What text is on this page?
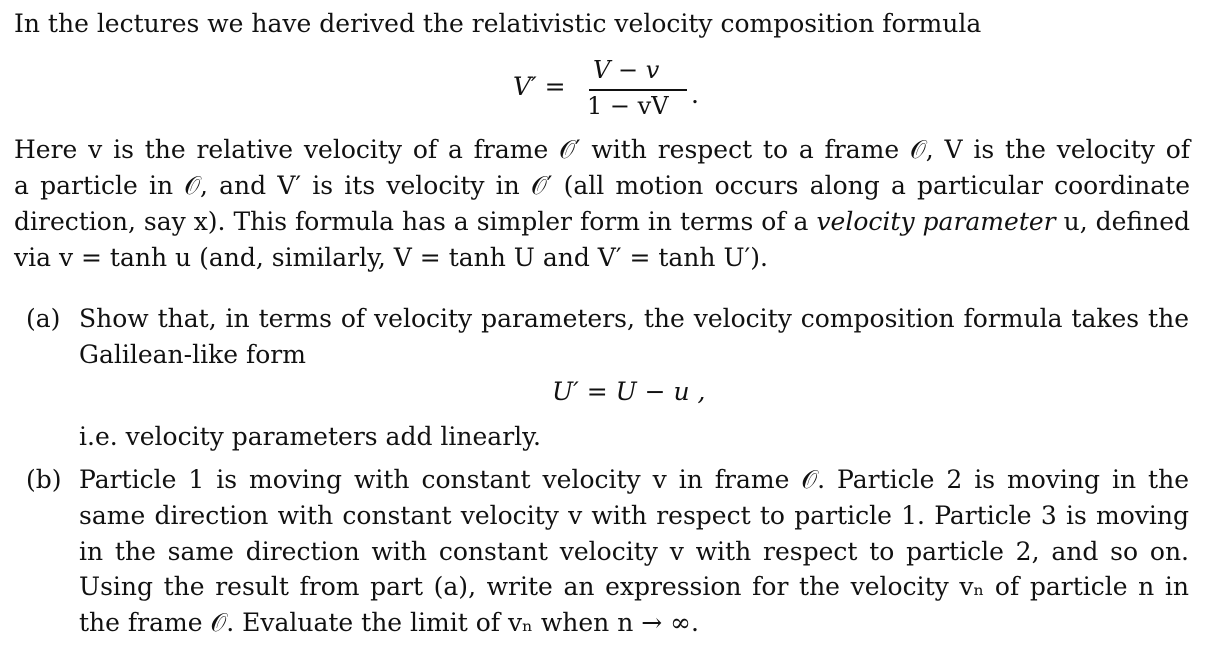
In the lectures we have derived the relativistic velocity composition formula
V′ =
V − v
1 − vV .
Here v is the relative velocity of a frame 𝒪′ with respect to a frame 𝒪, V is the velocity of
a particle in 𝒪, and V′ is its velocity in 𝒪′ (all motion occurs along a particular coordinate
direction, say x). This formula has a simpler form in terms of a velocity parameter u, defined
via v = tanh u (and, similarly, V = tanh U and V′ = tanh U′).
(a) Show that, in terms of velocity parameters, the velocity composition formula takes the
Galilean-like form
U′ = U − u ,
i.e. velocity parameters add linearly.
(b) Particle 1 is moving with constant velocity v in frame 𝒪. Particle 2 is moving in the
same direction with constant velocity v with respect to particle 1. Particle 3 is moving
in the same direction with constant velocity v with respect to particle 2, and so on.
Using the result from part (a), write an expression for the velocity vₙ of particle n in
the frame 𝒪. Evaluate the limit of vₙ when n → ∞.
